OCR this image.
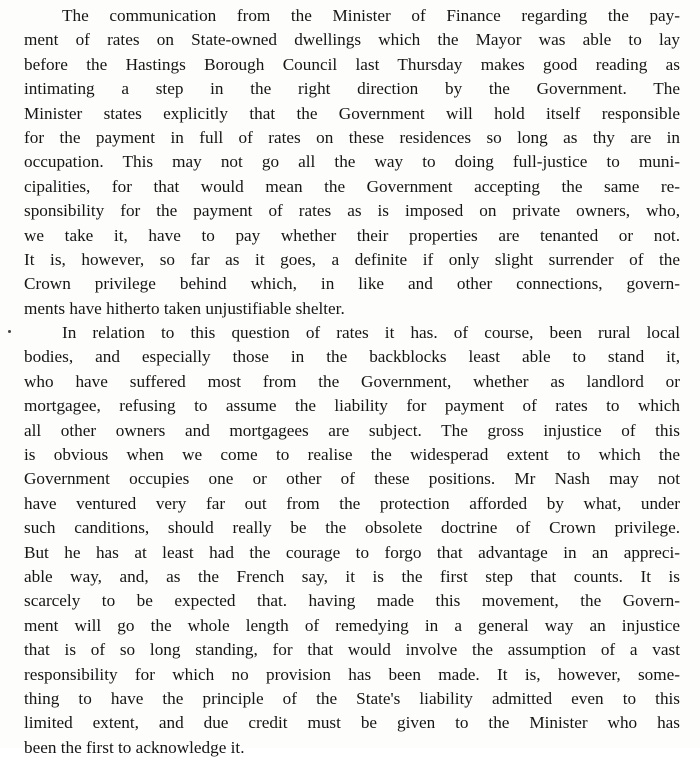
The communication from the Minister of Finance regarding the pay-
ment of rates on State-owned dwellings which the Mayor was able to lay
before the Hastings Borough Council last Thursday makes good reading as
intimating a step in the right direction by the Government. The
Minister states explicitly that the Government will hold itself responsible
for the payment in full of rates on these residences so long as thy are in
occupation. This may not go all the way to doing full-justice to muni-
cipalities, for that would mean the Government accepting the same re-
sponsibility for the payment of rates as is imposed on private owners, who,
we take it, have to pay whether their properties are tenanted or not.
It is, however, so far as it goes, a definite if only slight surrender of the
Crown privilege behind which, in like and other connections, govern-
ments have hitherto taken unjustifiable shelter.

In relation to this question of rates it has. of course, been rural local
bodies, and especially those in the backblocks least able to stand it,
who have suffered most from the Government, whether as landlord or
mortgagee, refusing to assume the liability for payment of rates to which
all other owners and mortgagees are subject. The gross injustice of this
is obvious when we come to realise the widesperad extent to which the
Government occupies one or other of these positions. Mr Nash may not
have ventured very far out from the protection afforded by what, under
such canditions, should really be the obsolete doctrine of Crown privilege.
But he has at least had the courage to forgo that advantage in an appreci-
able way, and, as the French say, it is the first step that counts. It is
scarcely to be expected that. having made this movement, the Govern-
ment will go the whole length of remedying in a general way an injustice
that is of so long standing, for that would involve the assumption of a vast
responsibility for which no provision has been made. It is, however, some-
thing to have the principle of the State's liability admitted even to this
limited extent, and due credit must be given to the Minister who has
been the first to acknowledge it.
